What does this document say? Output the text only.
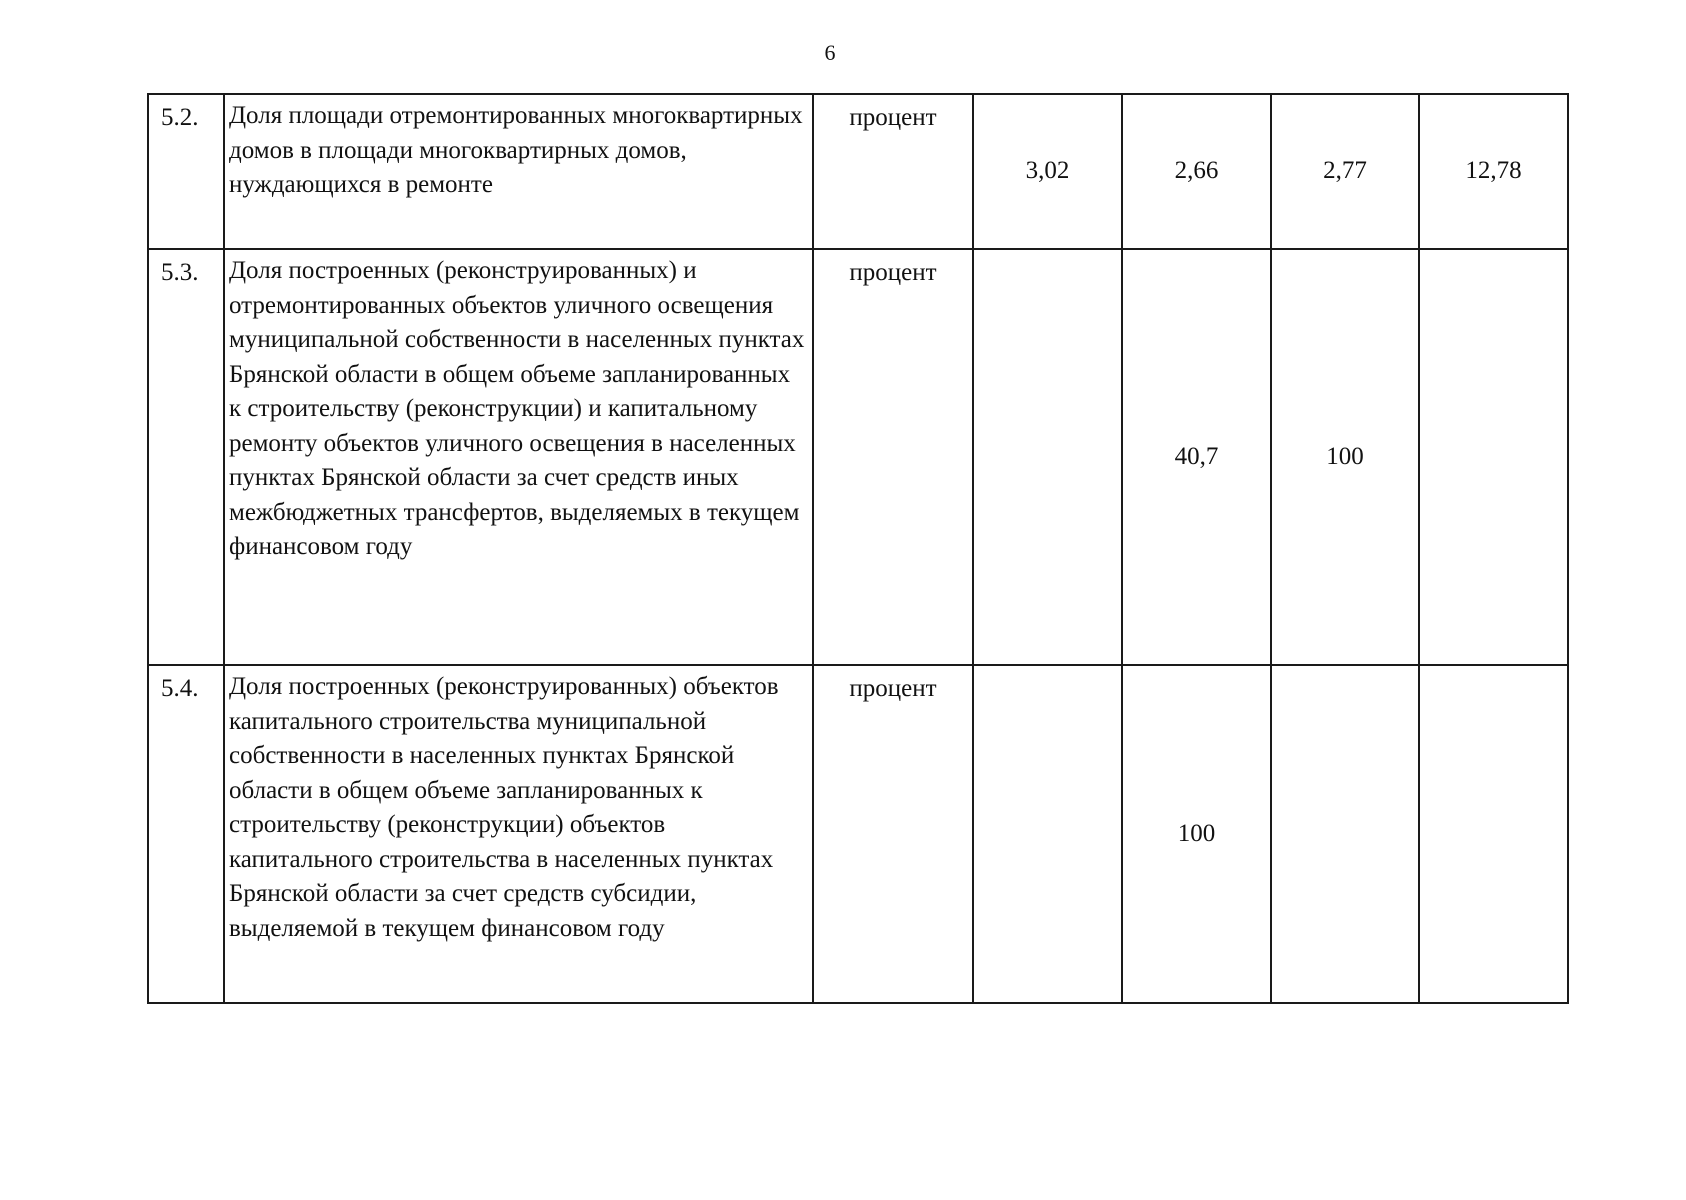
6
5.2.	Доля площади отремонтированных многоквартирных домов в площади многоквартирных домов, нуждающихся в ремонте	процент	3,02	2,66	2,77	12,78
5.3.	Доля построенных (реконструированных) и отремонтированных объектов уличного освещения муниципальной собственности в населенных пунктах Брянской области в общем объеме запланированных к строительству (реконструкции) и капитальному ремонту объектов уличного освещения в населенных пунктах Брянской области за счет средств иных межбюджетных трансфертов, выделяемых в текущем финансовом году	процент		40,7	100	
5.4.	Доля построенных (реконструированных) объектов капитального строительства муниципальной собственности в населенных пунктах Брянской области в общем объеме запланированных к строительству (реконструкции) объектов капитального строительства в населенных пунктах Брянской области за счет средств субсидии, выделяемой в текущем финансовом году	процент		100		
